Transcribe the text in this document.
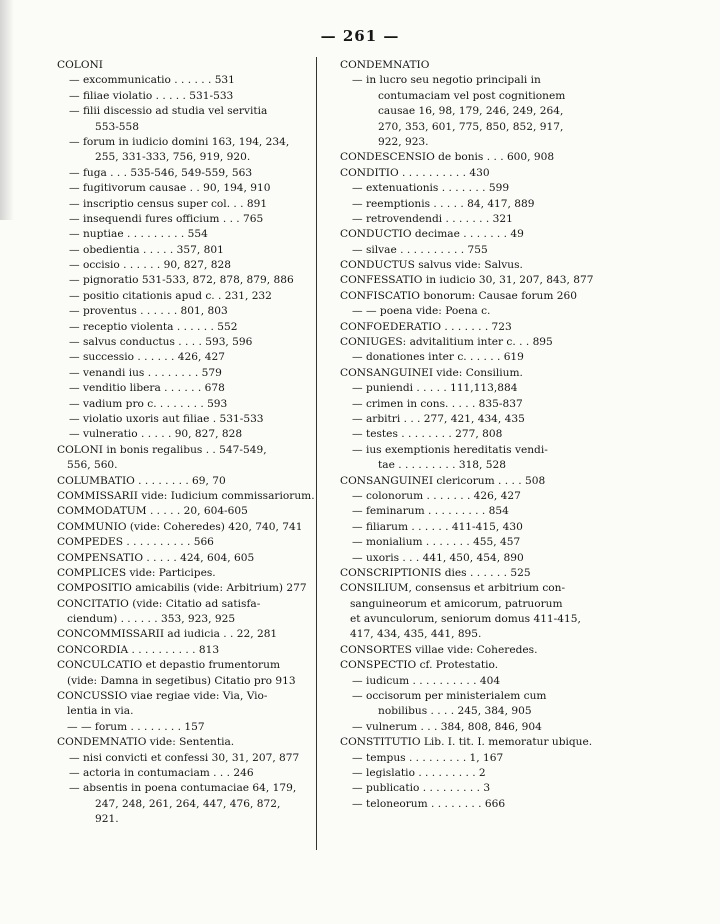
— 261 —
COLONI
— excommunicatio . . . . . . 531
— filiae violatio . . . . . 531-533
— filii discessio ad studia vel servitia
553-558
— forum in iudicio domini 163, 194, 234,
255, 331-333, 756, 919, 920.
— fuga . . . 535-546, 549-559, 563
— fugitivorum causae . . 90, 194, 910
— inscriptio census super col. . . 891
— insequendi fures officium . . . 765
— nuptiae . . . . . . . . . 554
— obedientia . . . . . 357, 801
— occisio . . . . . . 90, 827, 828
— pignoratio 531-533, 872, 878, 879, 886
— positio citationis apud c. . 231, 232
— proventus . . . . . . 801, 803
— receptio violenta . . . . . . 552
— salvus conductus . . . . 593, 596
— successio . . . . . . 426, 427
— venandi ius . . . . . . . . 579
— venditio libera . . . . . . 678
— vadium pro c. . . . . . . . 593
— violatio uxoris aut filiae . 531-533
— vulneratio . . . . . 90, 827, 828
COLONI in bonis regalibus . . 547-549,
556, 560.
COLUMBATIO . . . . . . . . 69, 70
COMMISSARII vide: Iudicium commissariorum.
COMMODATUM . . . . . 20, 604-605
COMMUNIO (vide: Coheredes) 420, 740, 741
COMPEDES . . . . . . . . . . 566
COMPENSATIO . . . . . 424, 604, 605
COMPLICES vide: Participes.
COMPOSITIO amicabilis (vide: Arbitrium) 277
CONCITATIO (vide: Citatio ad satisfa-
ciendum) . . . . . . 353, 923, 925
CONCOMMISSARII ad iudicia . . 22, 281
CONCORDIA . . . . . . . . . . 813
CONCULCATIO et depastio frumentorum
(vide: Damna in segetibus) Citatio pro 913
CONCUSSIO viae regiae vide: Via, Vio-
lentia in via.
— — forum . . . . . . . . 157
CONDEMNATIO vide: Sententia.
— nisi convicti et confessi 30, 31, 207, 877
— actoria in contumaciam . . . 246
— absentis in poena contumaciae 64, 179,
247, 248, 261, 264, 447, 476, 872,
921.
CONDEMNATIO
— in lucro seu negotio principali in
contumaciam vel post cognitionem
causae 16, 98, 179, 246, 249, 264,
270, 353, 601, 775, 850, 852, 917,
922, 923.
CONDESCENSIO de bonis . . . 600, 908
CONDITIO . . . . . . . . . . 430
— extenuationis . . . . . . . 599
— reemptionis . . . . . 84, 417, 889
— retrovendendi . . . . . . . 321
CONDUCTIO decimae . . . . . . . 49
— silvae . . . . . . . . . . 755
CONDUCTUS salvus vide: Salvus.
CONFESSATIO in iudicio 30, 31, 207, 843, 877
CONFISCATIO bonorum: Causae forum 260
— — poena vide: Poena c.
CONFOEDERATIO . . . . . . . 723
CONIUGES: advitalitium inter c. . . 895
— donationes inter c. . . . . . 619
CONSANGUINEI vide: Consilium.
— puniendi . . . . . 111,113,884
— crimen in cons. . . . . 835-837
— arbitri . . . 277, 421, 434, 435
— testes . . . . . . . . 277, 808
— ius exemptionis hereditatis vendi-
tae . . . . . . . . . 318, 528
CONSANGUINEI clericorum . . . . 508
— colonorum . . . . . . . 426, 427
— feminarum . . . . . . . . . 854
— filiarum . . . . . . 411-415, 430
— monialium . . . . . . . 455, 457
— uxoris . . . 441, 450, 454, 890
CONSCRIPTIONIS dies . . . . . . 525
CONSILIUM, consensus et arbitrium con-
sanguineorum et amicorum, patruorum
et avunculorum, seniorum domus 411-415,
417, 434, 435, 441, 895.
CONSORTES villae vide: Coheredes.
CONSPECTIO cf. Protestatio.
— iudicum . . . . . . . . . . 404
— occisorum per ministerialem cum
nobilibus . . . . 245, 384, 905
— vulnerum . . . 384, 808, 846, 904
CONSTITUTIO Lib. I. tit. I. memoratur ubique.
— tempus . . . . . . . . . 1, 167
— legislatio . . . . . . . . . 2
— publicatio . . . . . . . . . 3
— teloneorum . . . . . . . . 666
